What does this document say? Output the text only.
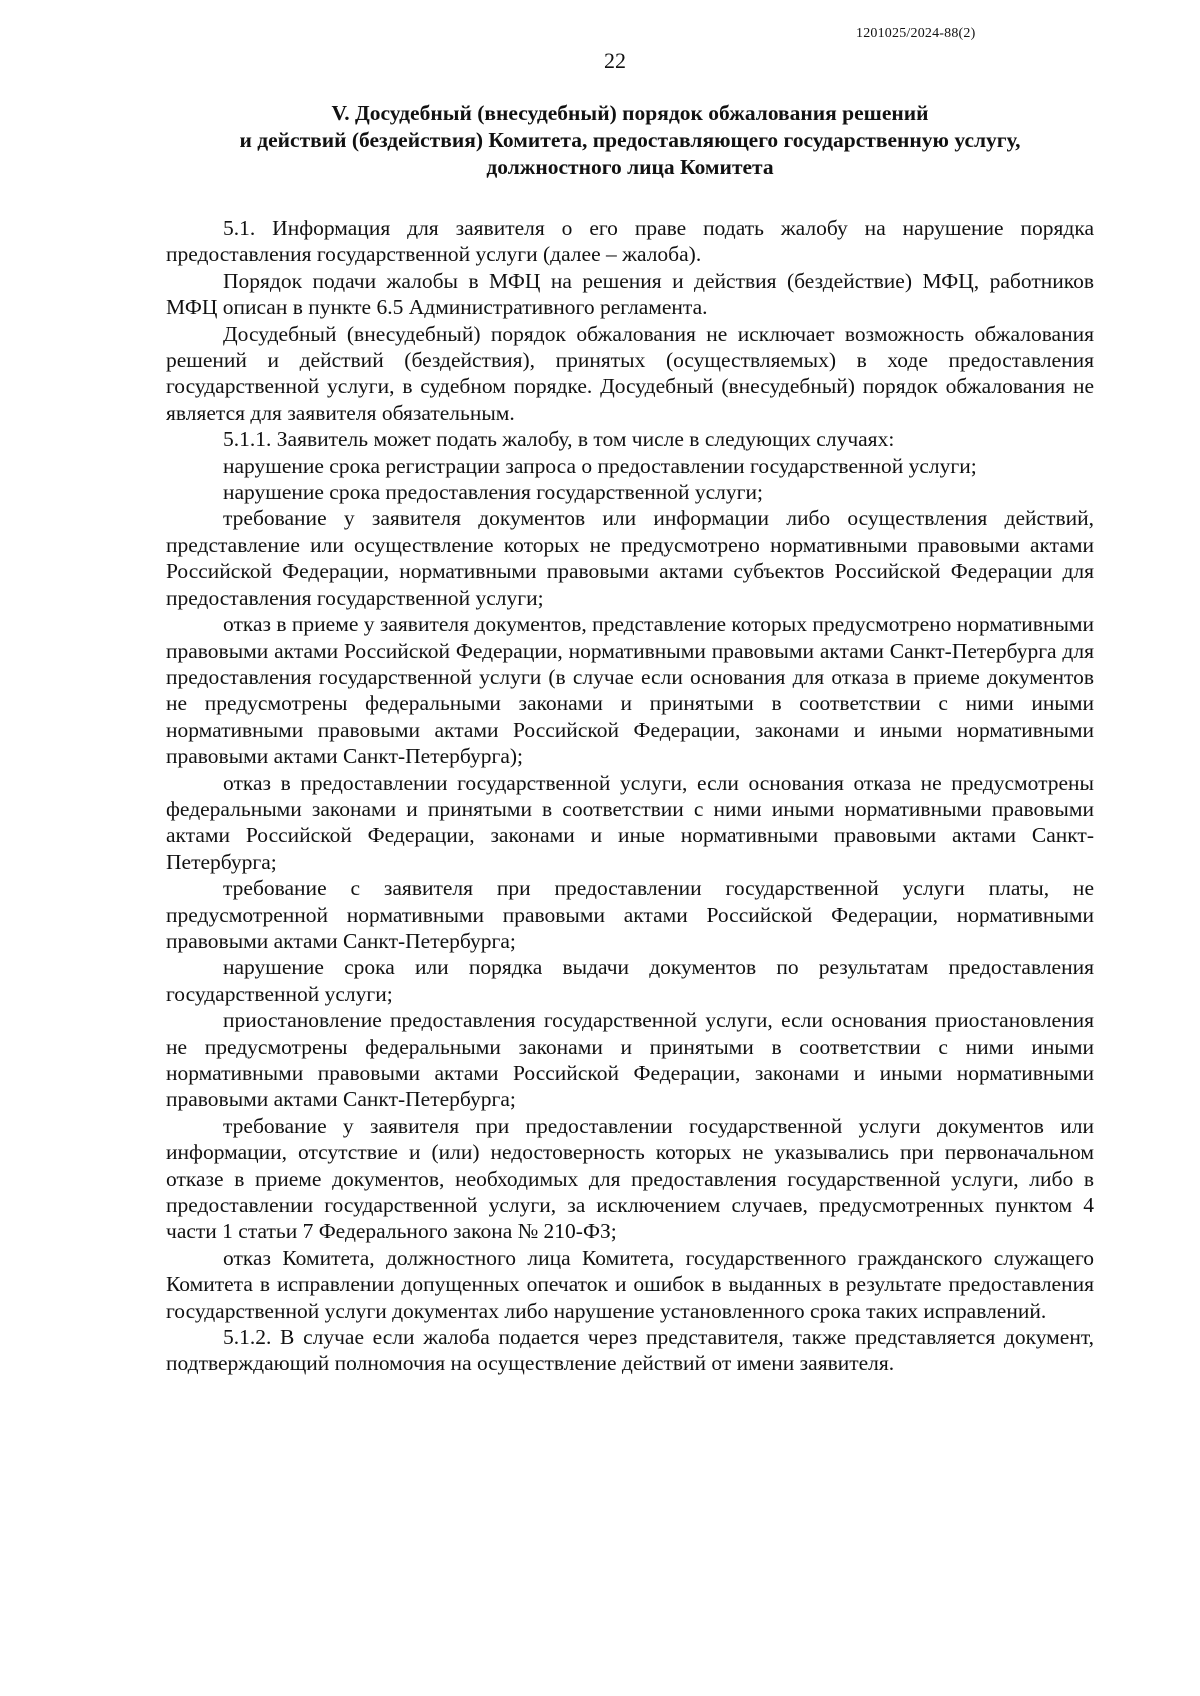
1201025/2024-88(2)
22
V. Досудебный (внесудебный) порядок обжалования решений
и действий (бездействия) Комитета, предоставляющего государственную услугу,
должностного лица Комитета

5.1. Информация для заявителя о его праве подать жалобу на нарушение порядка предоставления государственной услуги (далее – жалоба).

Порядок подачи жалобы в МФЦ на решения и действия (бездействие) МФЦ, работников МФЦ описан в пункте 6.5 Административного регламента.

Досудебный (внесудебный) порядок обжалования не исключает возможность обжалования решений и действий (бездействия), принятых (осуществляемых) в ходе предоставления государственной услуги, в судебном порядке. Досудебный (внесудебный) порядок обжалования не является для заявителя обязательным.

5.1.1. Заявитель может подать жалобу, в том числе в следующих случаях:

нарушение срока регистрации запроса о предоставлении государственной услуги;

нарушение срока предоставления государственной услуги;

требование у заявителя документов или информации либо осуществления действий, представление или осуществление которых не предусмотрено нормативными правовыми актами Российской Федерации, нормативными правовыми актами субъектов Российской Федерации для предоставления государственной услуги;

отказ в приеме у заявителя документов, представление которых предусмотрено нормативными правовыми актами Российской Федерации, нормативными правовыми актами Санкт-Петербурга для предоставления государственной услуги (в случае если основания для отказа в приеме документов не предусмотрены федеральными законами и принятыми в соответствии с ними иными нормативными правовыми актами Российской Федерации, законами и иными нормативными правовыми актами Санкт-Петербурга);

отказ в предоставлении государственной услуги, если основания отказа не предусмотрены федеральными законами и принятыми в соответствии с ними иными нормативными правовыми актами Российской Федерации, законами и иные нормативными правовыми актами Санкт-Петербурга;

требование с заявителя при предоставлении государственной услуги платы, не предусмотренной нормативными правовыми актами Российской Федерации, нормативными правовыми актами Санкт-Петербурга;

нарушение срока или порядка выдачи документов по результатам предоставления государственной услуги;

приостановление предоставления государственной услуги, если основания приостановления не предусмотрены федеральными законами и принятыми в соответствии с ними иными нормативными правовыми актами Российской Федерации, законами и иными нормативными правовыми актами Санкт-Петербурга;

требование у заявителя при предоставлении государственной услуги документов или информации, отсутствие и (или) недостоверность которых не указывались при первоначальном отказе в приеме документов, необходимых для предоставления государственной услуги, либо в предоставлении государственной услуги, за исключением случаев, предусмотренных пунктом 4 части 1 статьи 7 Федерального закона № 210-ФЗ;

отказ Комитета, должностного лица Комитета, государственного гражданского служащего Комитета в исправлении допущенных опечаток и ошибок в выданных в результате предоставления государственной услуги документах либо нарушение установленного срока таких исправлений.

5.1.2. В случае если жалоба подается через представителя, также представляется документ, подтверждающий полномочия на осуществление действий от имени заявителя.
